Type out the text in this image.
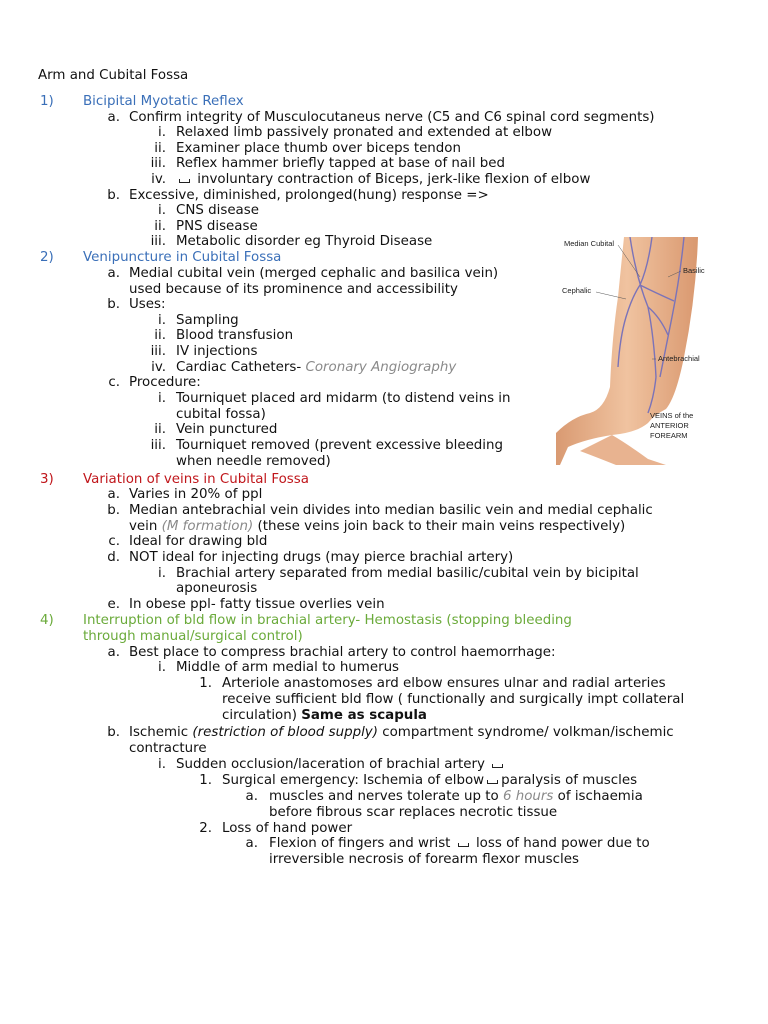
Arm and Cubital Fossa
1)	Bicipital Myotatic Reflex
a. Confirm integrity of Musculocutaneus nerve (C5 and C6 spinal cord segments)
i. Relaxed limb passively pronated and extended at elbow
ii. Examiner place thumb over biceps tendon
iii. Reflex hammer briefly tapped at base of nail bed
iv.	involuntary contraction of Biceps, jerk-like flexion of elbow
b. Excessive, diminished, prolonged(hung) response =>
i. CNS disease
ii. PNS disease
iii. Metabolic disorder eg Thyroid Disease
2)	Venipuncture in Cubital Fossa
a. Medial cubital vein (merged cephalic and basilica vein)
used because of its prominence and accessibility
b. Uses:
i. Sampling
ii. Blood transfusion
iii. IV injections
iv. Cardiac Catheters- Coronary Angiography
c. Procedure:
i. Tourniquet placed ard midarm (to distend veins in
cubital fossa)
ii. Vein punctured
iii. Tourniquet removed (prevent excessive bleeding
when needle removed)
Median Cubital
Basilic
Cephalic
Antebrachial
VEINS of the
ANTERIOR
FOREARM
3)	Variation of veins in Cubital Fossa
a. Varies in 20% of ppl
b. Median antebrachial vein divides into median basilic vein and medial cephalic
vein (M formation) (these veins join back to their main veins respectively)
c. Ideal for drawing bld
d. NOT ideal for injecting drugs (may pierce brachial artery)
i. Brachial artery separated from medial basilic/cubital vein by bicipital
aponeurosis
e. In obese ppl- fatty tissue overlies vein
4)	Interruption of bld flow in brachial artery- Hemostasis (stopping bleeding
through manual/surgical control)
a. Best place to compress brachial artery to control haemorrhage:
i. Middle of arm medial to humerus
1. Arteriole anastomoses ard elbow ensures ulnar and radial arteries
receive sufficient bld flow ( functionally and surgically impt collateral
circulation) Same as scapula
b. Ischemic (restriction of blood supply) compartment syndrome/ volkman/ischemic
contracture
i. Sudden occlusion/laceration of brachial artery
1. Surgical emergency: Ischemia of elbow paralysis of muscles
a. muscles and nerves tolerate up to 6 hours of ischaemia
before fibrous scar replaces necrotic tissue
2. Loss of hand power
a. Flexion of fingers and wrist loss of hand power due to
irreversible necrosis of forearm flexor muscles
